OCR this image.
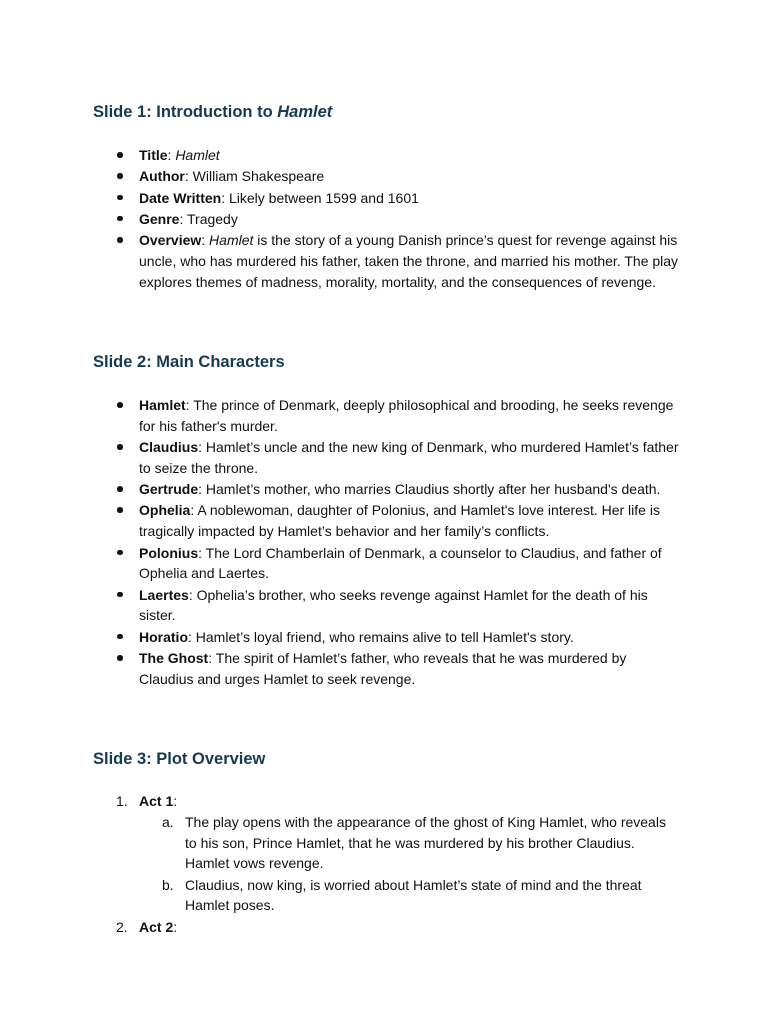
Slide 1: Introduction to Hamlet
Title: Hamlet
Author: William Shakespeare
Date Written: Likely between 1599 and 1601
Genre: Tragedy
Overview: Hamlet is the story of a young Danish prince’s quest for revenge against his uncle, who has murdered his father, taken the throne, and married his mother. The play explores themes of madness, morality, mortality, and the consequences of revenge.
Slide 2: Main Characters
Hamlet: The prince of Denmark, deeply philosophical and brooding, he seeks revenge for his father's murder.
Claudius: Hamlet’s uncle and the new king of Denmark, who murdered Hamlet’s father to seize the throne.
Gertrude: Hamlet’s mother, who marries Claudius shortly after her husband's death.
Ophelia: A noblewoman, daughter of Polonius, and Hamlet's love interest. Her life is tragically impacted by Hamlet’s behavior and her family’s conflicts.
Polonius: The Lord Chamberlain of Denmark, a counselor to Claudius, and father of Ophelia and Laertes.
Laertes: Ophelia’s brother, who seeks revenge against Hamlet for the death of his sister.
Horatio: Hamlet’s loyal friend, who remains alive to tell Hamlet's story.
The Ghost: The spirit of Hamlet’s father, who reveals that he was murdered by Claudius and urges Hamlet to seek revenge.
Slide 3: Plot Overview
1. Act 1:
a. The play opens with the appearance of the ghost of King Hamlet, who reveals to his son, Prince Hamlet, that he was murdered by his brother Claudius. Hamlet vows revenge.
b. Claudius, now king, is worried about Hamlet’s state of mind and the threat Hamlet poses.
2. Act 2:
